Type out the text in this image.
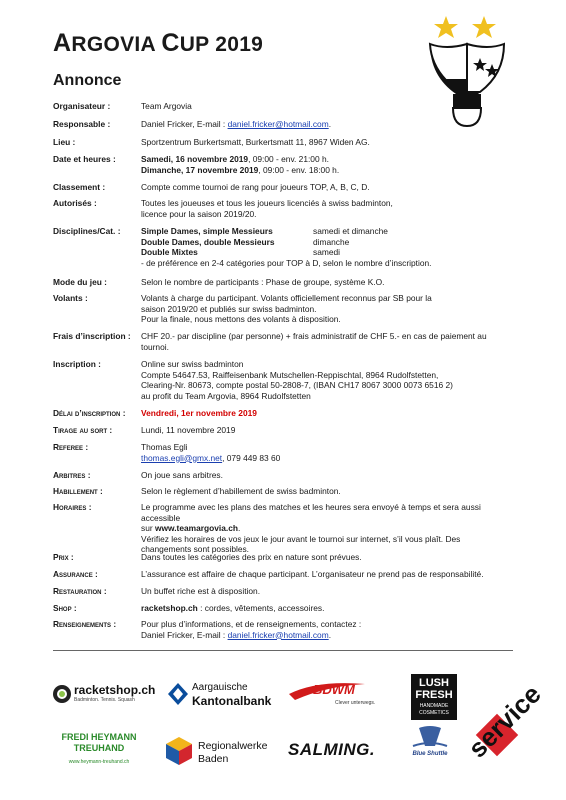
ARGOVIA CUP 2019
Annonce
Organisateur :	Team Argovia
Responsable :	Daniel Fricker, E-mail : daniel.fricker@hotmail.com.
Lieu :	Sportzentrum Burkertsmatt, Burkertsmatt 11, 8967 Widen AG.
Date et heures :	Samedi, 16 novembre 2019, 09:00 - env. 21:00 h.
Dimanche, 17 novembre 2019, 09:00 - env. 18:00 h.
Classement :	Compte comme tournoi de rang pour joueurs TOP, A, B, C, D.
Autorisés :	Toutes les joueuses et tous les joueurs licenciés à swiss badminton,
licence pour la saison 2019/20.
Disciplines/Cat. :	Simple Dames, simple Messieurs	samedi et dimanche
Double Dames, double Messieurs	dimanche
Double Mixtes	samedi
- de préférence en 2-4 catégories pour TOP à D, selon le nombre d’inscription.
Mode du jeu :	Selon le nombre de participants : Phase de groupe, système K.O.
Volants :	Volants à charge du participant. Volants officiellement reconnus par SB pour la
saison 2019/20 et publiés sur swiss badminton.
Pour la finale, nous mettons des volants à disposition.
Frais d’inscription :	CHF 20.- par discipline (par personne) + frais administratif de CHF 5.- en cas de paiement au
tournoi.
Inscription :	Online sur swiss badminton
Compte 54647.53, Raiffeisenbank Mutschellen-Reppischtal, 8964 Rudolfstetten,
Clearing-Nr. 80673, compte postal 50-2808-7, (IBAN CH17 8067 3000 0073 6516 2)
au profit du Team Argovia, 8964 Rudolfstetten
Délai d’inscription :	Vendredi, 1er novembre 2019
Tirage au sort :	Lundi, 11 novembre 2019
Referee :	Thomas Egli
thomas.egli@gmx.net, 079 449 83 60
Arbitres :	On joue sans arbitres.
Habillement :	Selon le règlement d’habillement de swiss badminton.
Horaires :	Le programme avec les plans des matches et les heures sera envoyé à temps et sera aussi accessible
sur www.teamargovia.ch.
Vérifiez les horaires de vos jeux le jour avant le tournoi sur internet, s’il vous plaît. Des
changements sont possibles.
Prix :	Dans toutes les catégories des prix en nature sont prévues.
Assurance :	L’assurance est affaire de chaque participant. L’organisateur ne prend pas de responsabilité.
Restauration :	Un buffet riche est à disposition.
Shop :	racketshop.ch : cordes, vêtements, accessoires.
Renseignements :	Pour plus d’informations, et de renseignements, contactez :
Daniel Fricker, E-mail : daniel.fricker@hotmail.com.
racketshop.ch
Badminton. Tennis. Squash
Aargauische
Kantonalbank
BDWM
Clever unterwegs.
LUSH
FRESH
HANDMADE
COSMETICS service
FREDI HEYMANN
TREUHAND
www.heymann-treuhand.ch
Regionalwerke
Baden	SALMING.	Blue Shuttle
